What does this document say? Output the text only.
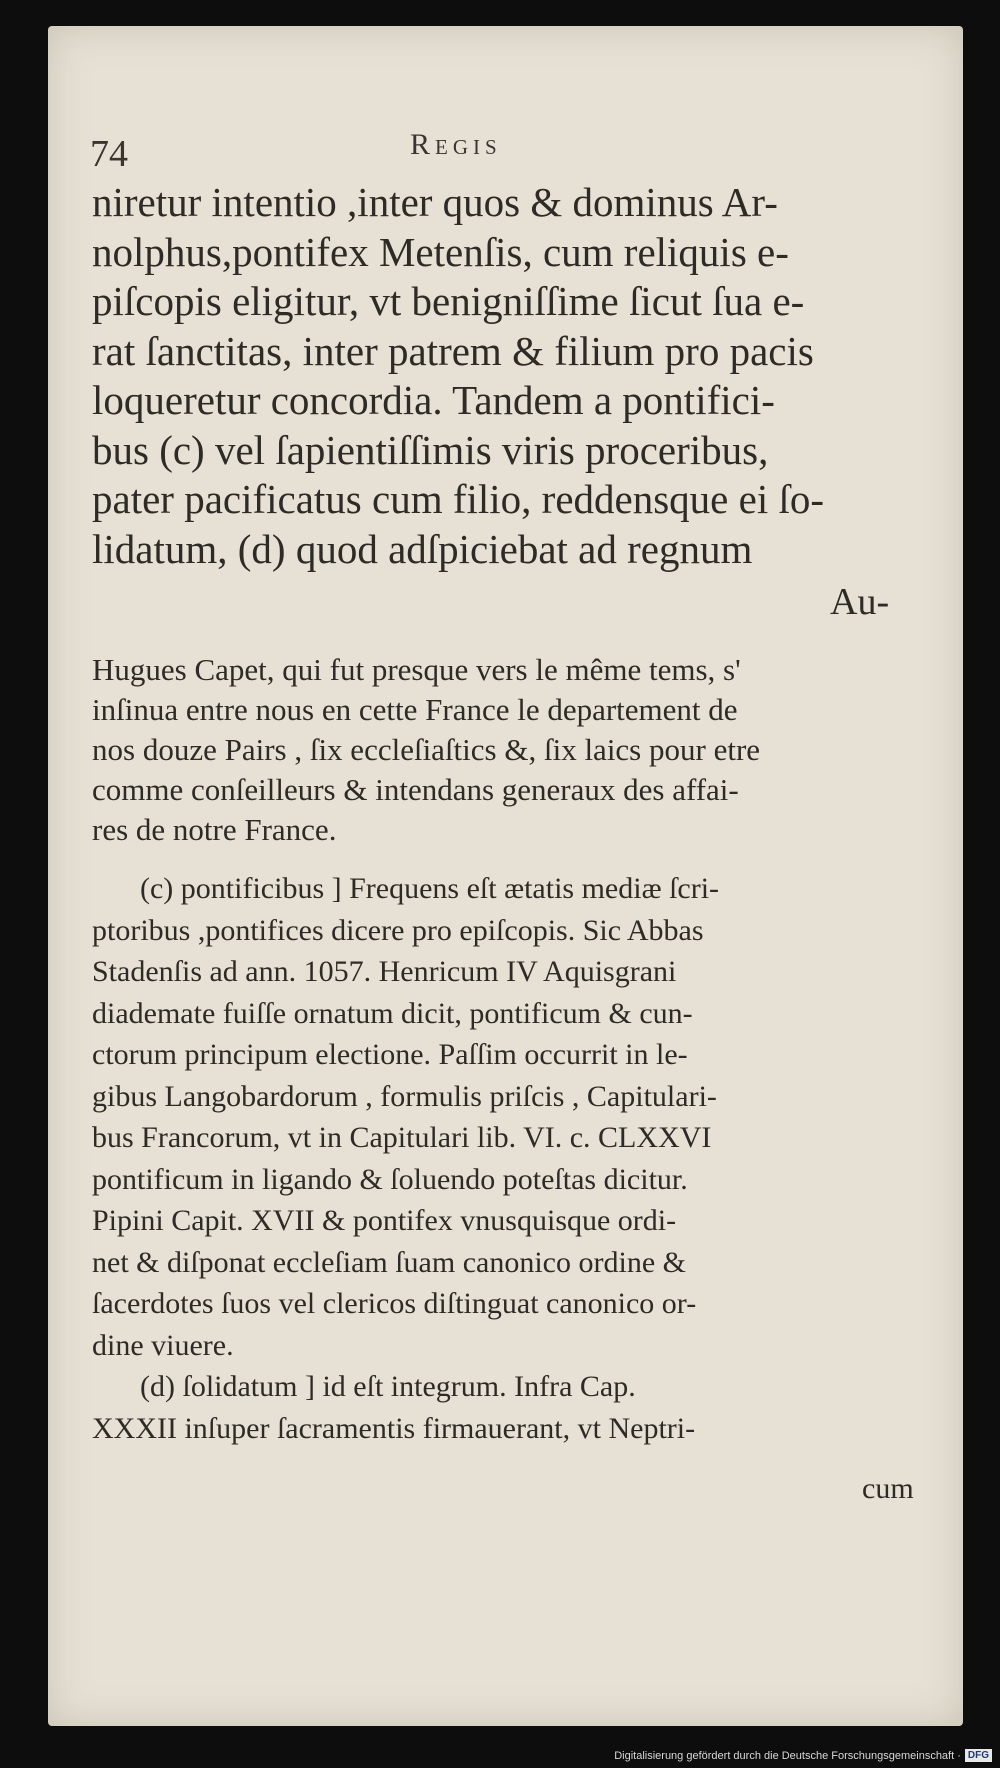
74	Regis
niretur intentio ,inter quos & dominus Ar-
nolphus,pontifex Metenſis, cum reliquis e-
piſcopis eligitur, vt benigniſſime ſicut ſua e-
rat ſanctitas, inter patrem & filium pro pacis
loqueretur concordia. Tandem a pontifici-
bus (c) vel ſapientiſſimis viris proceribus,
pater pacificatus cum filio, reddensque ei ſo-
lidatum, (d) quod adſpiciebat ad regnum
Au-
Hugues Capet, qui fut presque vers le même tems, s'
inſinua entre nous en cette France le departement de
nos douze Pairs , ſix eccleſiaſtics &, ſix laics pour etre
comme conſeilleurs & intendans generaux des affai-
res de notre France.
(c) pontificibus ] Frequens eſt ætatis mediæ ſcri-
ptoribus ,pontifices dicere pro epiſcopis. Sic Abbas
Stadenſis ad ann. 1057. Henricum IV Aquisgrani
diademate fuiſſe ornatum dicit, pontificum & cun-
ctorum principum electione. Paſſim occurrit in le-
gibus Langobardorum , formulis priſcis , Capitulari-
bus Francorum, vt in Capitulari lib. VI. c. CLXXVI
pontificum in ligando & ſoluendo poteſtas dicitur.
Pipini Capit. XVII & pontifex vnusquisque ordi-
net & diſponat eccleſiam ſuam canonico ordine &
ſacerdotes ſuos vel clericos diſtinguat canonico or-
dine viuere.
(d) ſolidatum ] id eſt integrum. Infra Cap.
XXXII inſuper ſacramentis firmauerant, vt Neptri-
cum
Digitalisierung gefördert durch die Deutsche Forschungsgemeinschaft · DFG
